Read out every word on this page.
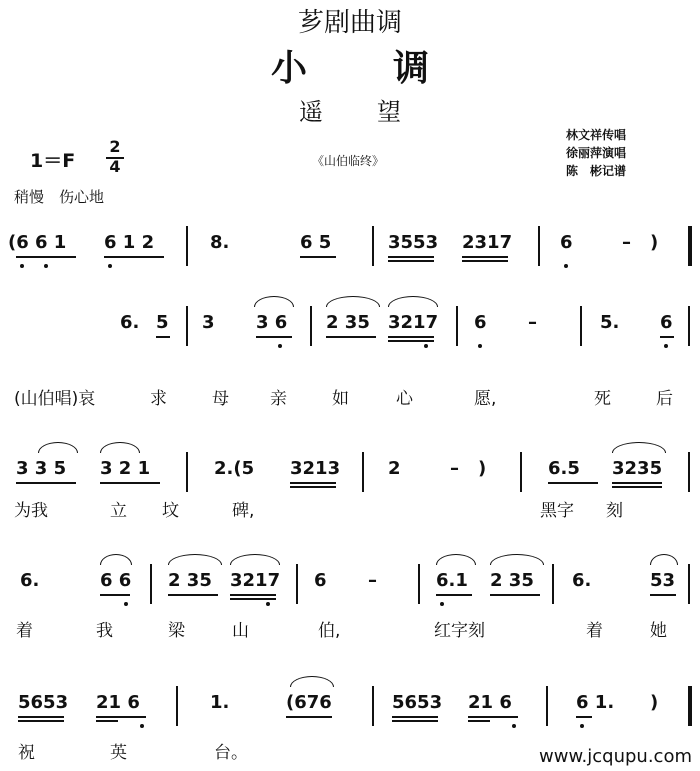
芗剧曲调
小调
遥望
1＝F
2
4	《山伯临终》
林文祥传唱
徐丽萍演唱
陈　彬记谱
稍慢　伤心地
(6 6 1 6 1 2	8.	6 5	3553 2317	6	– )
6. 5 3 3 6 2 35 3217 6 –	5. 6
(山伯唱)哀	求	母 亲	如	心	愿,	死	后
3 3 5 3 2 1	2.(5 3213	2	– )	6.5 3235
为我	立 坟	碑,	黑字 刻
6.	6 6 2 35 3217 6 –	6.1 2 35 6.	53
着	我	梁	山	伯,	红字刻	着	她
5653 21 6	1.	(676	5653 21 6	6 1. )
祝	英	台。	www.jcqupu.com
